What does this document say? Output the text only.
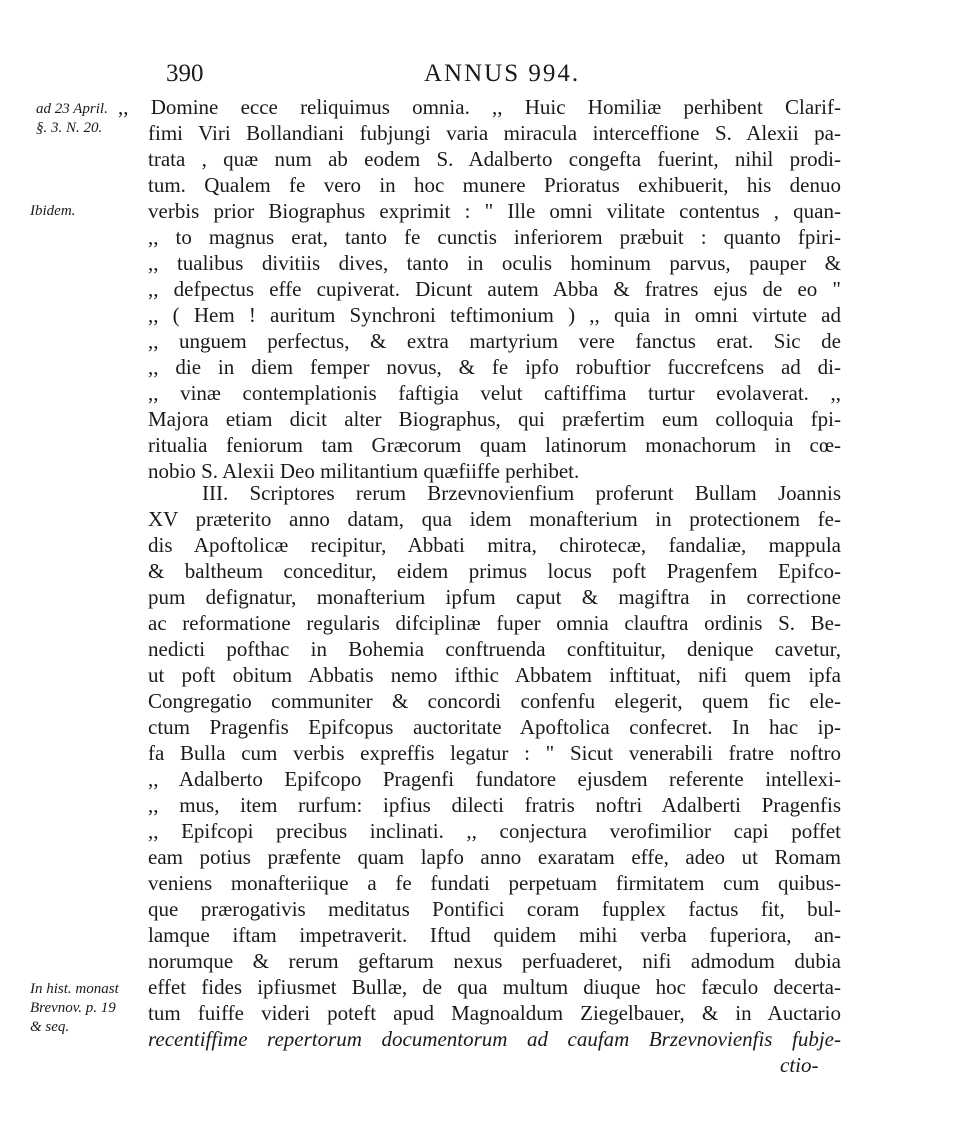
390	ANNUS 994.
ad 23 April.
§. 3. N. 20.
Ibidem.
In hist. monast
Brevnov. p. 19
& seq.
,, Domine ecce reliquimus omnia. ,, Huic Homiliæ perhibent Clarif-
fimi Viri Bollandiani fubjungi varia miracula interceffione S. Alexii pa-
trata , quæ num ab eodem S. Adalberto congefta fuerint, nihil prodi-
tum. Qualem fe vero in hoc munere Prioratus exhibuerit, his denuo
verbis prior Biographus exprimit : " Ille omni vilitate contentus , quan-
,, to magnus erat, tanto fe cunctis inferiorem præbuit : quanto fpiri-
,, tualibus divitiis dives, tanto in oculis hominum parvus, pauper &
,, defpectus effe cupiverat. Dicunt autem Abba & fratres ejus de eo "
,, ( Hem ! auritum Synchroni teftimonium ) ,, quia in omni virtute ad
,, unguem perfectus, & extra martyrium vere fanctus erat. Sic de
,, die in diem femper novus, & fe ipfo robuftior fuccrefcens ad di-
,, vinæ contemplationis faftigia velut caftiffima turtur evolaverat. ,,
Majora etiam dicit alter Biographus, qui præfertim eum colloquia fpi-
ritualia feniorum tam Græcorum quam latinorum monachorum in cœ-
nobio S. Alexii Deo militantium quæfiiffe perhibet.
III. Scriptores rerum Brzevnovienfium proferunt Bullam Joannis
XV præterito anno datam, qua idem monafterium in protectionem fe-
dis Apoftolicæ recipitur, Abbati mitra, chirotecæ, fandaliæ, mappula
& baltheum conceditur, eidem primus locus poft Pragenfem Epifco-
pum defignatur, monafterium ipfum caput & magiftra in correctione
ac reformatione regularis difciplinæ fuper omnia clauftra ordinis S. Be-
nedicti pofthac in Bohemia conftruenda conftituitur, denique cavetur,
ut poft obitum Abbatis nemo ifthic Abbatem inftituat, nifi quem ipfa
Congregatio communiter & concordi confenfu elegerit, quem fic ele-
ctum Pragenfis Epifcopus auctoritate Apoftolica confecret. In hac ip-
fa Bulla cum verbis expreffis legatur : " Sicut venerabili fratre noftro
,, Adalberto Epifcopo Pragenfi fundatore ejusdem referente intellexi-
,, mus, item rurfum: ipfius dilecti fratris noftri Adalberti Pragenfis
,, Epifcopi precibus inclinati. ,, conjectura verofimilior capi poffet
eam potius præfente quam lapfo anno exaratam effe, adeo ut Romam
veniens monafteriique a fe fundati perpetuam firmitatem cum quibus-
que prærogativis meditatus Pontifici coram fupplex factus fit, bul-
lamque iftam impetraverit. Iftud quidem mihi verba fuperiora, an-
norumque & rerum geftarum nexus perfuaderet, nifi admodum dubia
effet fides ipfiusmet Bullæ, de qua multum diuque hoc fæculo decerta-
tum fuiffe videri poteft apud Magnoaldum Ziegelbauer, & in Auctario
recentiffime repertorum documentorum ad caufam Brzevnovienfis fubje-
ctio-
